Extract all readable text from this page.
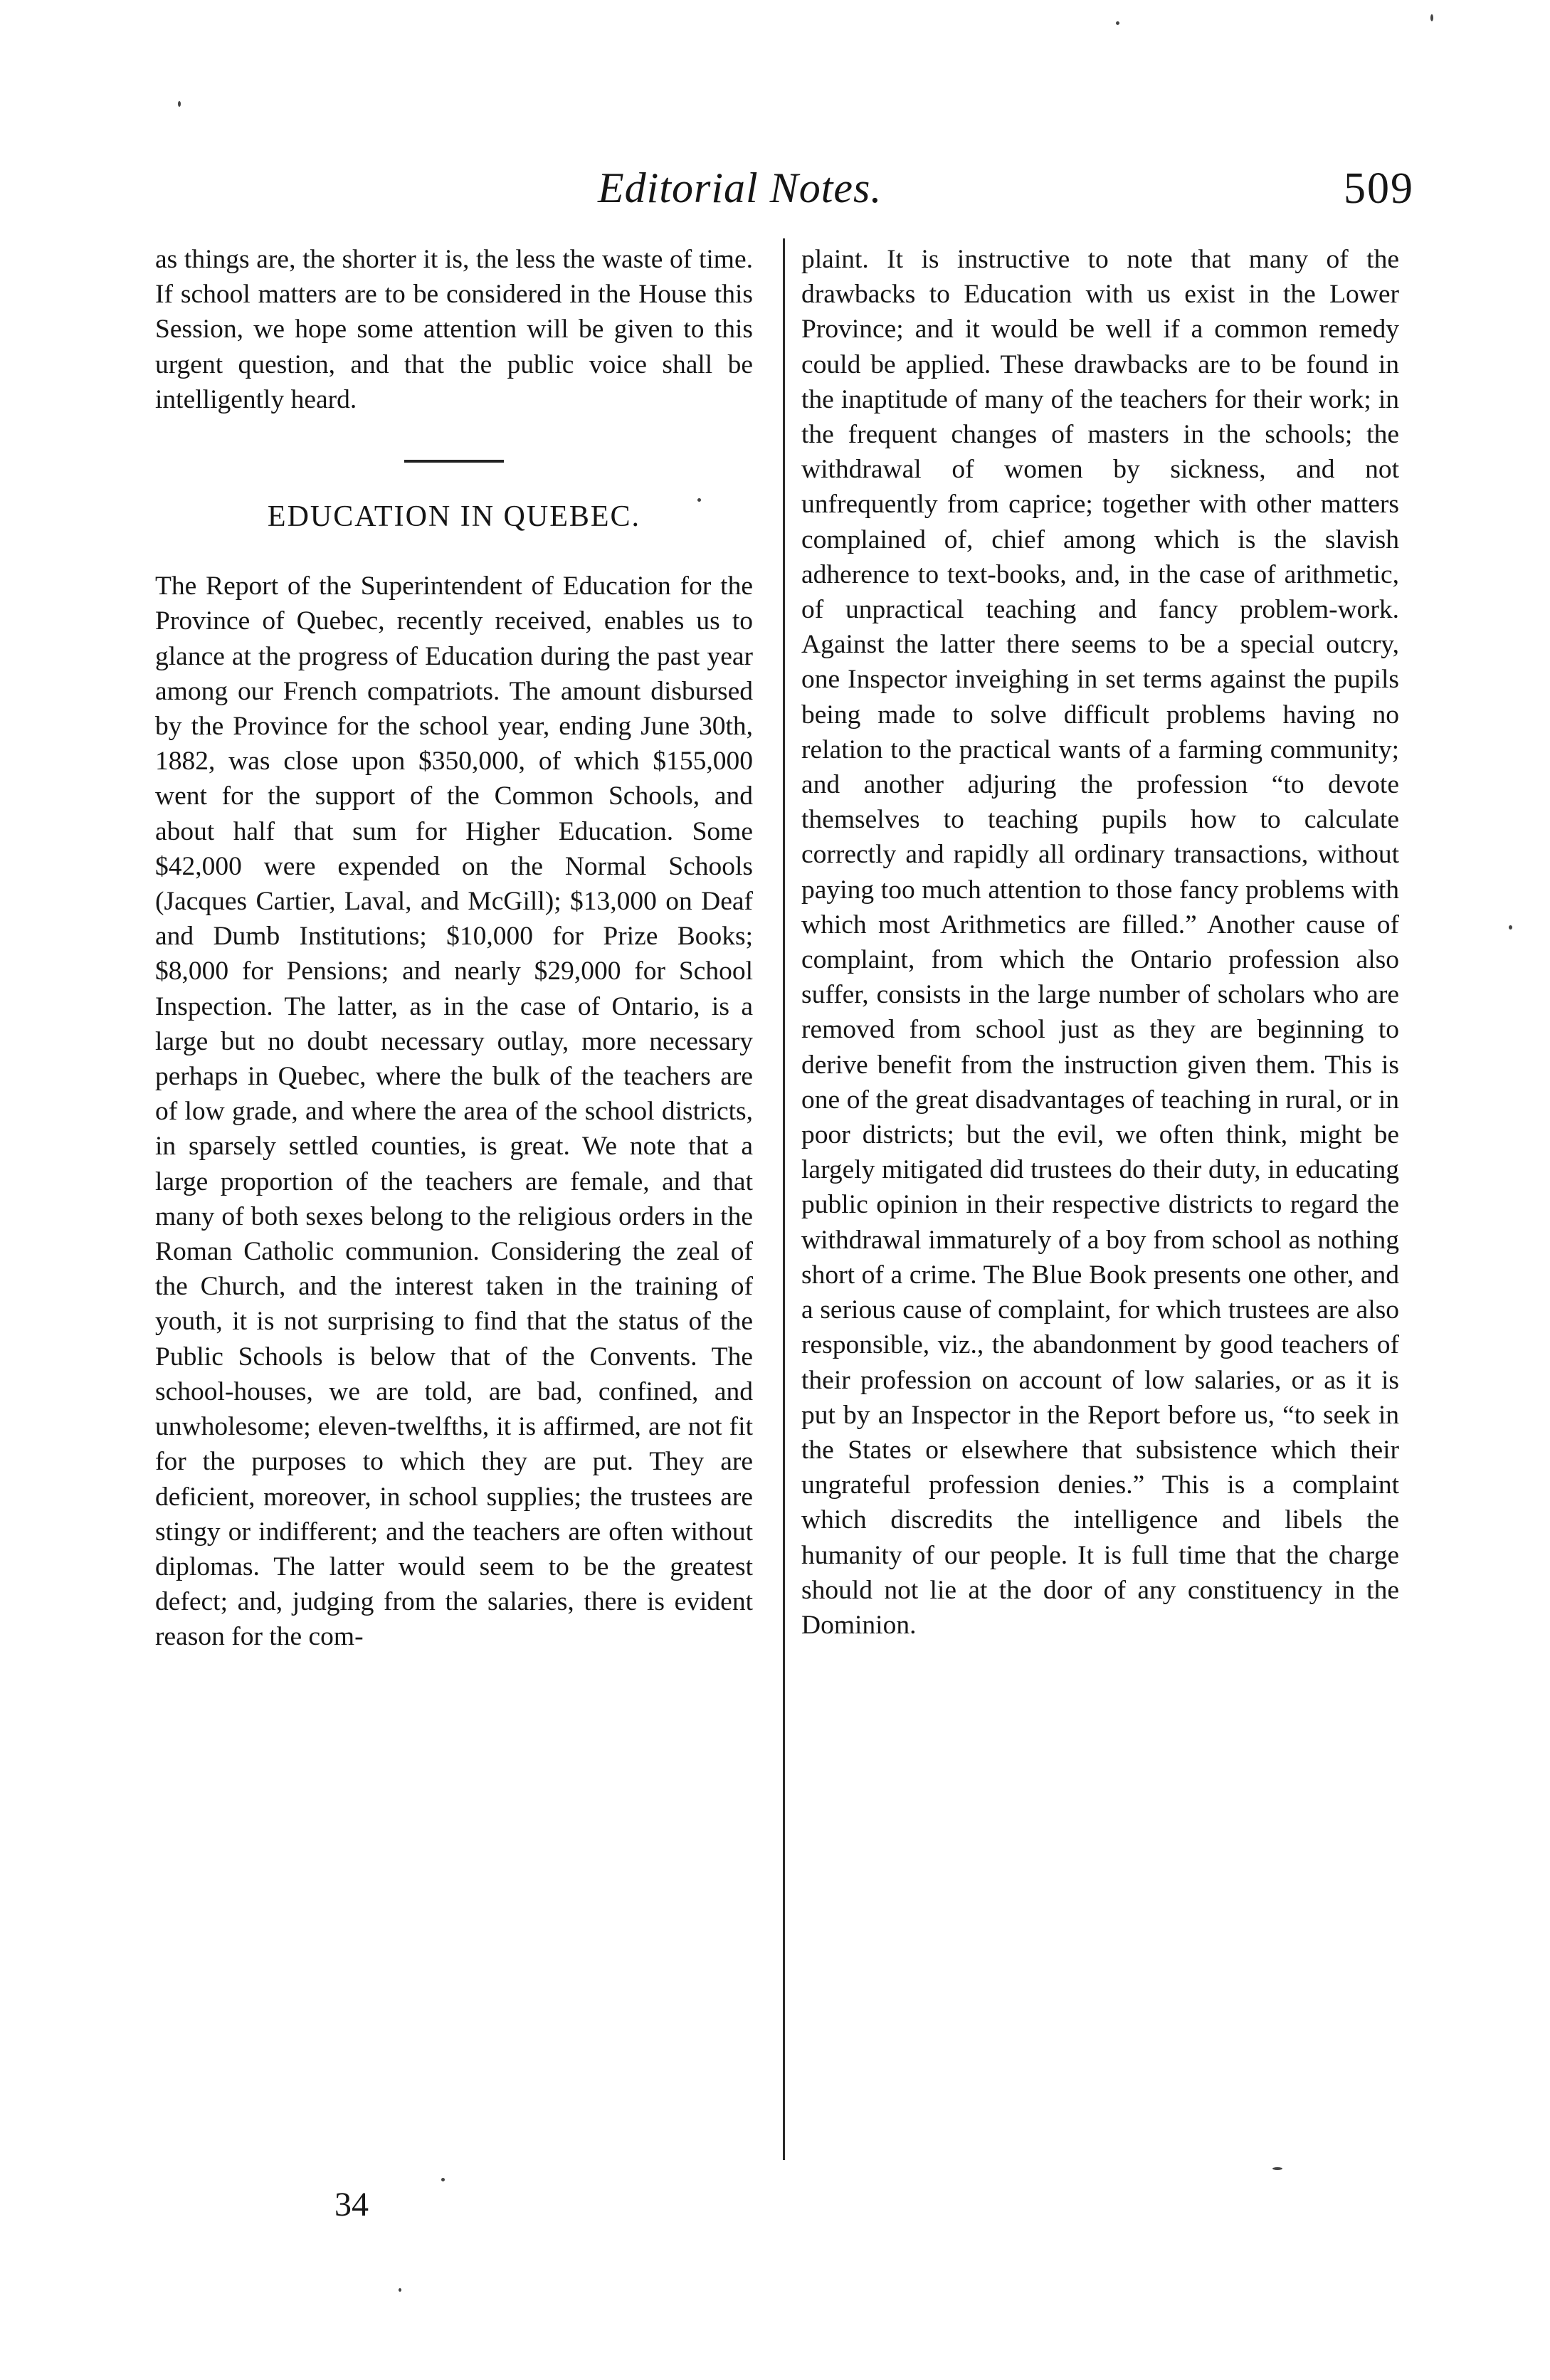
Editorial Notes.	509

as things are, the shorter it is, the less the waste of time. If school matters are to be considered in the House this Session, we hope some attention will be given to this urgent question, and that the public voice shall be intelligently heard.

EDUCATION IN QUEBEC.

The Report of the Superintendent of Education for the Province of Quebec, recently received, enables us to glance at the progress of Education during the past year among our French compatriots. The amount disbursed by the Province for the school year, ending June 30th, 1882, was close upon $350,000, of which $155,000 went for the support of the Common Schools, and about half that sum for Higher Education. Some $42,000 were expended on the Normal Schools (Jacques Cartier, Laval, and McGill); $13,000 on Deaf and Dumb Institutions; $10,000 for Prize Books; $8,000 for Pensions; and nearly $29,000 for School Inspection. The latter, as in the case of Ontario, is a large but no doubt necessary outlay, more necessary perhaps in Quebec, where the bulk of the teachers are of low grade, and where the area of the school districts, in sparsely settled counties, is great. We note that a large proportion of the teachers are female, and that many of both sexes belong to the religious orders in the Roman Catholic communion. Considering the zeal of the Church, and the interest taken in the training of youth, it is not surprising to find that the status of the Public Schools is below that of the Convents. The school-houses, we are told, are bad, confined, and unwholesome; eleven-twelfths, it is affirmed, are not fit for the purposes to which they are put. They are deficient, moreover, in school supplies; the trustees are stingy or indifferent; and the teachers are often without diplomas. The latter would seem to be the greatest defect; and, judging from the salaries, there is evident reason for the com-

plaint. It is instructive to note that many of the drawbacks to Education with us exist in the Lower Province; and it would be well if a common remedy could be applied. These drawbacks are to be found in the inaptitude of many of the teachers for their work; in the frequent changes of masters in the schools; the withdrawal of women by sickness, and not unfrequently from caprice; together with other matters complained of, chief among which is the slavish adherence to text-books, and, in the case of arithmetic, of unpractical teaching and fancy problem-work. Against the latter there seems to be a special outcry, one Inspector inveighing in set terms against the pupils being made to solve difficult problems having no relation to the practical wants of a farming community; and another adjuring the profession “to devote themselves to teaching pupils how to calculate correctly and rapidly all ordinary transactions, without paying too much attention to those fancy problems with which most Arithmetics are filled.” Another cause of complaint, from which the Ontario profession also suffer, consists in the large number of scholars who are removed from school just as they are beginning to derive benefit from the instruction given them. This is one of the great disadvantages of teaching in rural, or in poor districts; but the evil, we often think, might be largely mitigated did trustees do their duty, in educating public opinion in their respective districts to regard the withdrawal immaturely of a boy from school as nothing short of a crime. The Blue Book presents one other, and a serious cause of complaint, for which trustees are also responsible, viz., the abandonment by good teachers of their profession on account of low salaries, or as it is put by an Inspector in the Report before us, “to seek in the States or elsewhere that subsistence which their ungrateful profession denies.” This is a complaint which discredits the intelligence and libels the humanity of our people. It is full time that the charge should not lie at the door of any constituency in the Dominion.

34
